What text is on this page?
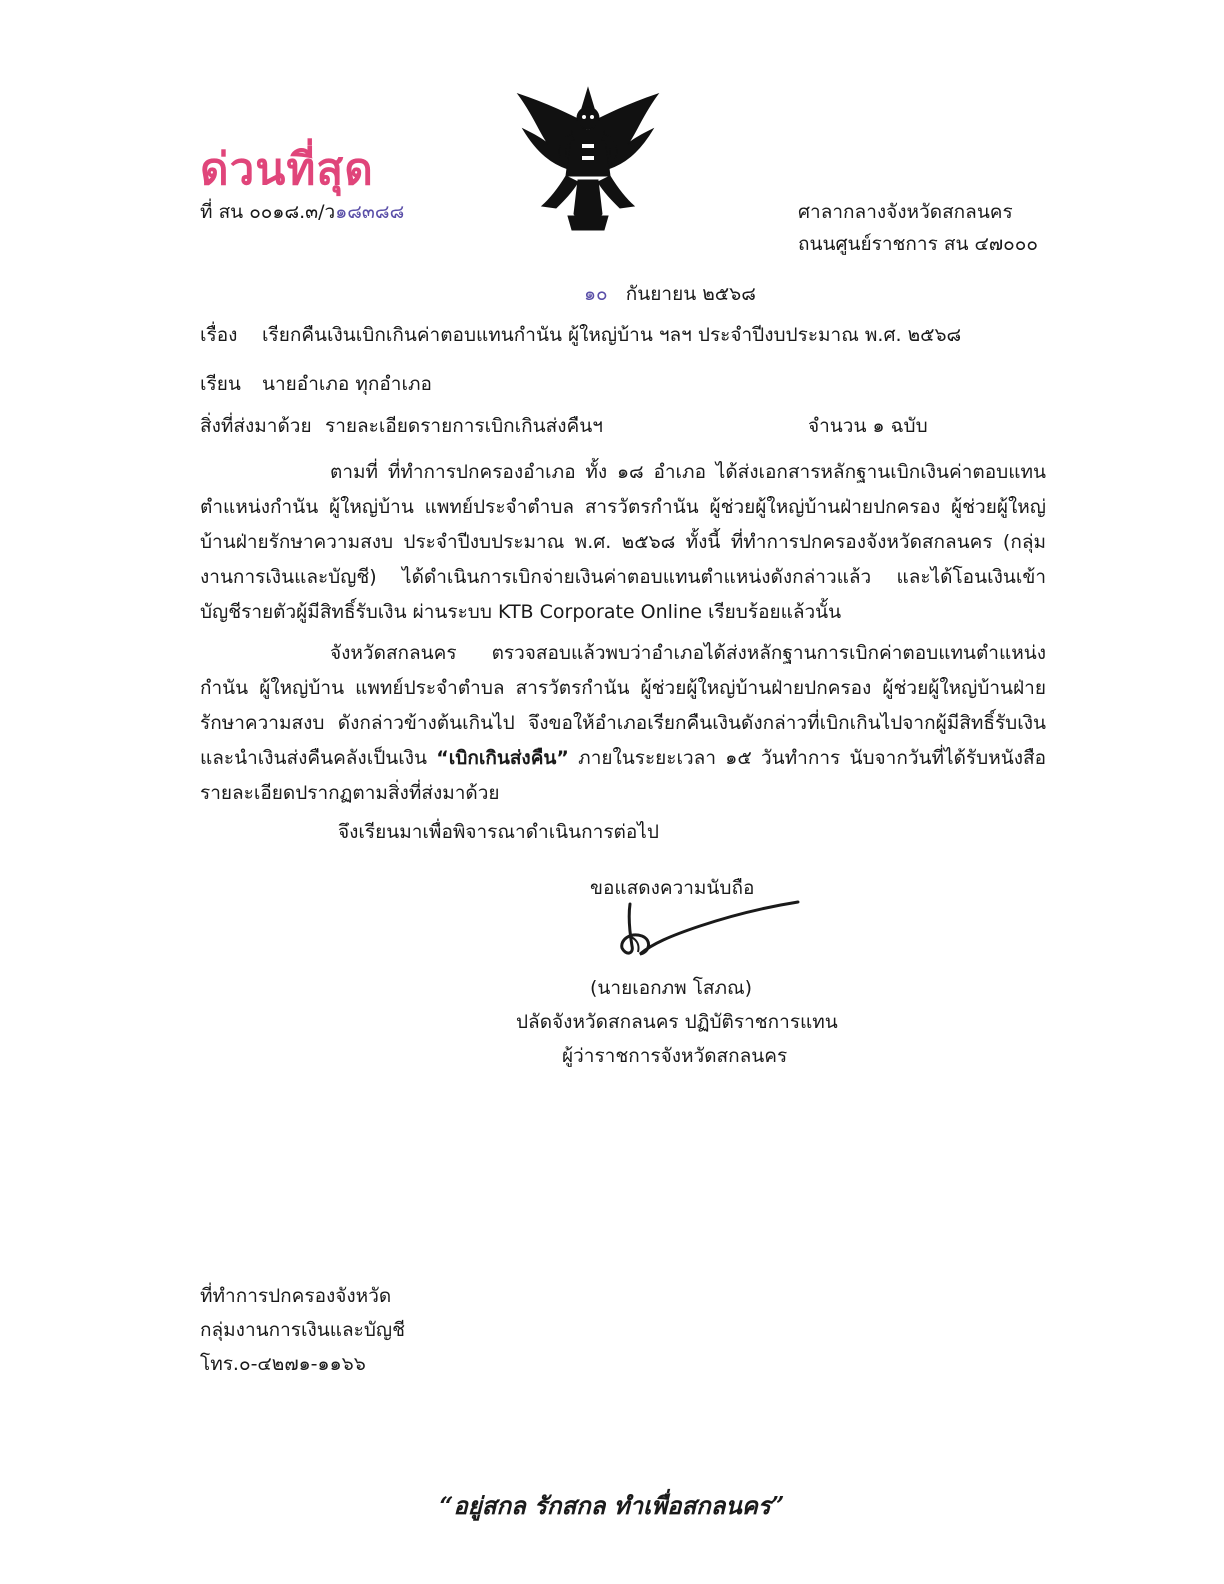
ด่วนที่สุด
ที่ สน ๐๐๑๘.๓/ว๑๘๓๘๘	ศาลากลางจังหวัดสกลนคร
ถนนศูนย์ราชการ สน ๔๗๐๐๐
๑๐ กันยายน ๒๕๖๘
เรื่อง เรียกคืนเงินเบิกเกินค่าตอบแทนกำนัน ผู้ใหญ่บ้าน ฯลฯ ประจำปีงบประมาณ พ.ศ. ๒๕๖๘
เรียน นายอำเภอ ทุกอำเภอ
สิ่งที่ส่งมาด้วย รายละเอียดรายการเบิกเกินส่งคืนฯ	จำนวน ๑ ฉบับ
ตามที่ ที่ทำการปกครองอำเภอ ทั้ง ๑๘ อำเภอ ได้ส่งเอกสารหลักฐานเบิกเงินค่าตอบแทนตำแหน่งกำนัน ผู้ใหญ่บ้าน แพทย์ประจำตำบล สารวัตรกำนัน ผู้ช่วยผู้ใหญ่บ้านฝ่ายปกครอง ผู้ช่วยผู้ใหญ่บ้านฝ่ายรักษาความสงบ ประจำปีงบประมาณ พ.ศ. ๒๕๖๘ ทั้งนี้ ที่ทำการปกครองจังหวัดสกลนคร (กลุ่มงานการเงินและบัญชี) ได้ดำเนินการเบิกจ่ายเงินค่าตอบแทนตำแหน่งดังกล่าวแล้ว และได้โอนเงินเข้าบัญชีรายตัวผู้มีสิทธิ์รับเงิน ผ่านระบบ KTB Corporate Online เรียบร้อยแล้วนั้น
จังหวัดสกลนคร ตรวจสอบแล้วพบว่าอำเภอได้ส่งหลักฐานการเบิกค่าตอบแทนตำแหน่งกำนัน ผู้ใหญ่บ้าน แพทย์ประจำตำบล สารวัตรกำนัน ผู้ช่วยผู้ใหญ่บ้านฝ่ายปกครอง ผู้ช่วยผู้ใหญ่บ้านฝ่ายรักษาความสงบ ดังกล่าวข้างต้นเกินไป จึงขอให้อำเภอเรียกคืนเงินดังกล่าวที่เบิกเกินไปจากผู้มีสิทธิ์รับเงิน และนำเงินส่งคืนคลังเป็นเงิน “เบิกเกินส่งคืน” ภายในระยะเวลา ๑๕ วันทำการ นับจากวันที่ได้รับหนังสือ รายละเอียดปรากฏตามสิ่งที่ส่งมาด้วย
จึงเรียนมาเพื่อพิจารณาดำเนินการต่อไป
ขอแสดงความนับถือ
(นายเอกภพ โสภณ)
ปลัดจังหวัดสกลนคร ปฏิบัติราชการแทน
ผู้ว่าราชการจังหวัดสกลนคร
ที่ทำการปกครองจังหวัด
กลุ่มงานการเงินและบัญชี
โทร.๐-๔๒๗๑-๑๑๖๖
“อยู่สกล รักสกล ทำเพื่อสกลนคร”
